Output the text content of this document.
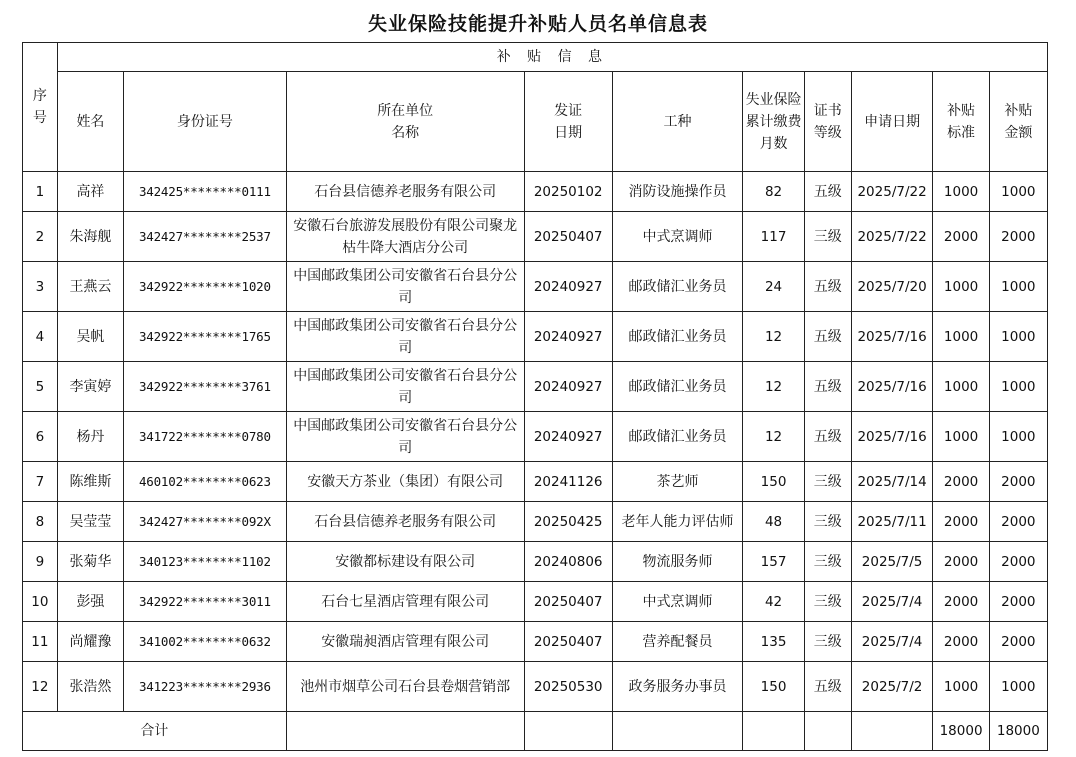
失业保险技能提升补贴人员名单信息表
序号	补 贴 信 息									
	姓名	身份证号	所在单位名称	发证日期	工种	失业保险累计缴费月数	证书等级	申请日期	补贴标准	补贴金额
1	高祥	342425********0111	石台县信德养老服务有限公司	20250102	消防设施操作员	82	五级	2025/7/22	1000	1000
2	朱海舰	342427********2537	安徽石台旅游发展股份有限公司聚龙枯牛降大酒店分公司	20250407	中式烹调师	117	三级	2025/7/22	2000	2000
3	王燕云	342922********1020	中国邮政集团公司安徽省石台县分公司	20240927	邮政储汇业务员	24	五级	2025/7/20	1000	1000
4	吴帆	342922********1765	中国邮政集团公司安徽省石台县分公司	20240927	邮政储汇业务员	12	五级	2025/7/16	1000	1000
5	李寅婷	342922********3761	中国邮政集团公司安徽省石台县分公司	20240927	邮政储汇业务员	12	五级	2025/7/16	1000	1000
6	杨丹	341722********0780	中国邮政集团公司安徽省石台县分公司	20240927	邮政储汇业务员	12	五级	2025/7/16	1000	1000
7	陈维斯	460102********0623	安徽天方茶业（集团）有限公司	20241126	茶艺师	150	三级	2025/7/14	2000	2000
8	吴莹莹	342427********092X	石台县信德养老服务有限公司	20250425	老年人能力评估师	48	三级	2025/7/11	2000	2000
9	张菊华	340123********1102	安徽都标建设有限公司	20240806	物流服务师	157	三级	2025/7/5	2000	2000
10	彭强	342922********3011	石台七星酒店管理有限公司	20250407	中式烹调师	42	三级	2025/7/4	2000	2000
11	尚耀豫	341002********0632	安徽瑞昶酒店管理有限公司	20250407	营养配餐员	135	三级	2025/7/4	2000	2000
12	张浩然	341223********2936	池州市烟草公司石台县卷烟营销部	20250530	政务服务办事员	150	五级	2025/7/2	1000	1000
合计									18000	18000
